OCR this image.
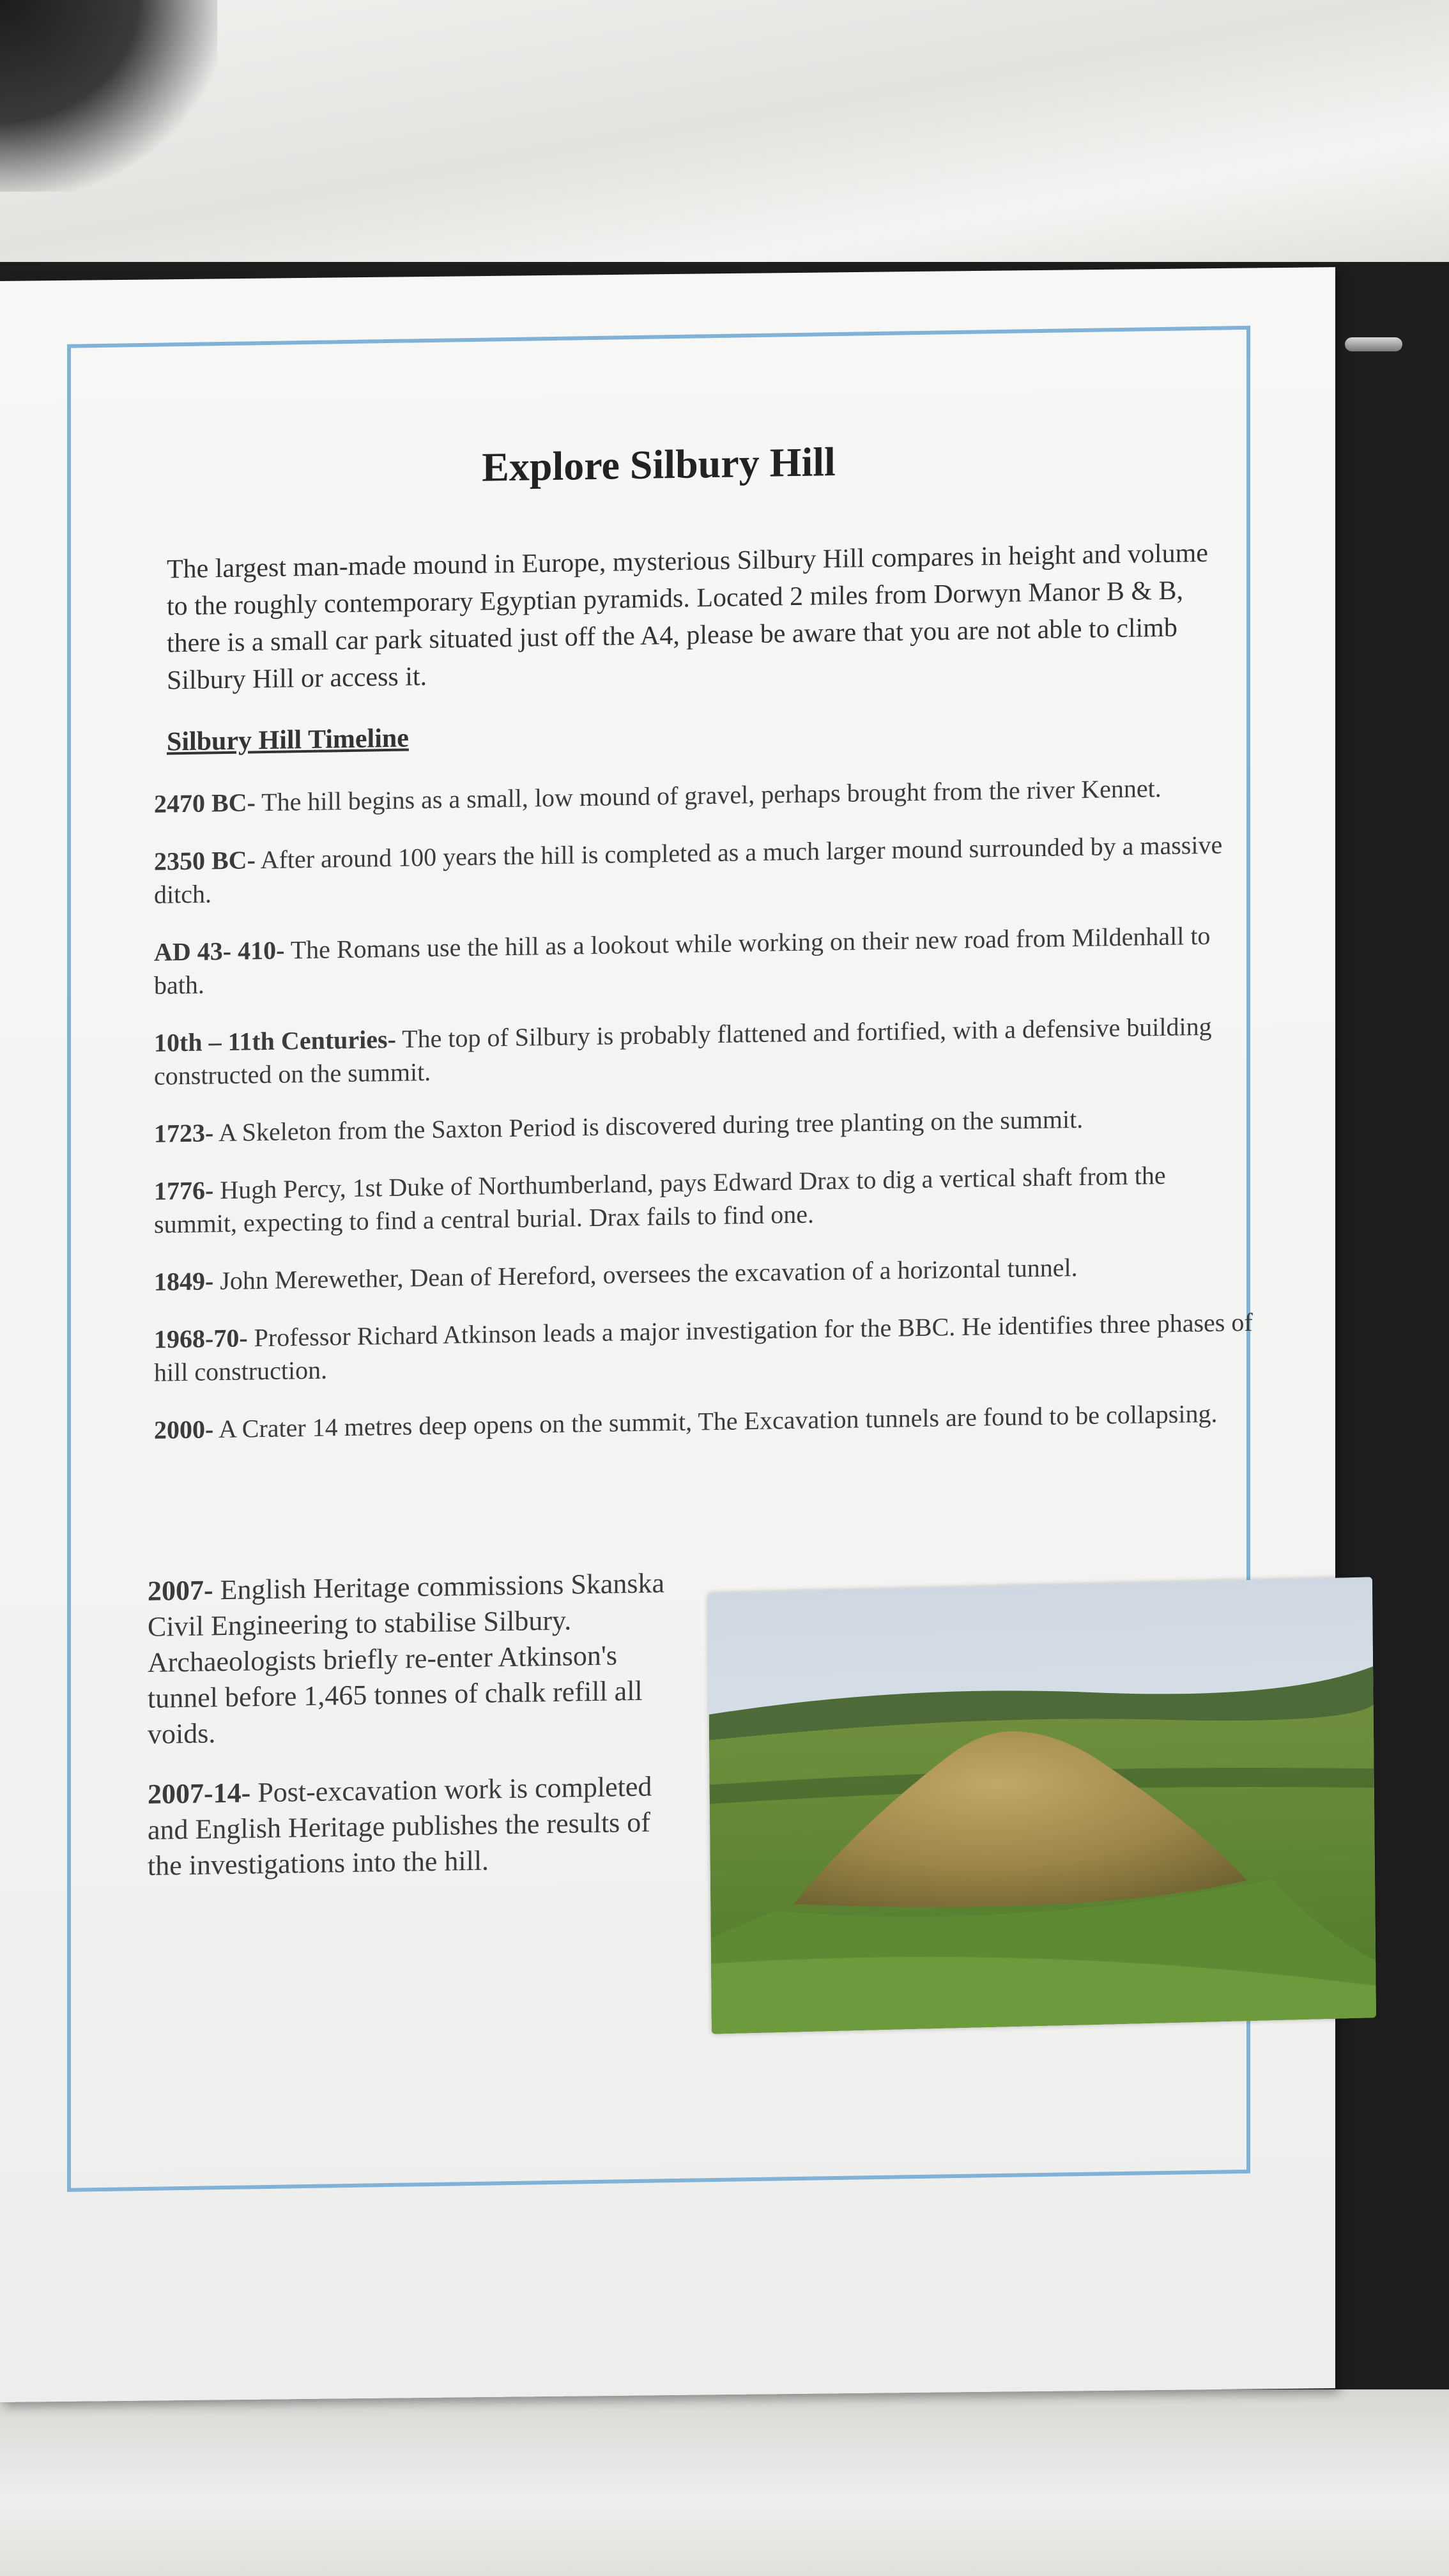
Explore Silbury Hill

The largest man-made mound in Europe, mysterious Silbury Hill compares in height and volume to the roughly contemporary Egyptian pyramids. Located 2 miles from Dorwyn Manor B & B, there is a small car park situated just off the A4, please be aware that you are not able to climb Silbury Hill or access it.

Silbury Hill Timeline

2470 BC- The hill begins as a small, low mound of gravel, perhaps brought from the river Kennet.

2350 BC- After around 100 years the hill is completed as a much larger mound surrounded by a massive ditch.

AD 43- 410- The Romans use the hill as a lookout while working on their new road from Mildenhall to bath.

10th – 11th Centuries- The top of Silbury is probably flattened and fortified, with a defensive building constructed on the summit.

1723- A Skeleton from the Saxton Period is discovered during tree planting on the summit.

1776- Hugh Percy, 1st Duke of Northumberland, pays Edward Drax to dig a vertical shaft from the summit, expecting to find a central burial. Drax fails to find one.

1849- John Merewether, Dean of Hereford, oversees the excavation of a horizontal tunnel.

1968-70- Professor Richard Atkinson leads a major investigation for the BBC. He identifies three phases of hill construction.

2000- A Crater 14 metres deep opens on the summit, The Excavation tunnels are found to be collapsing.

2007- English Heritage commissions Skanska Civil Engineering to stabilise Silbury. Archaeologists briefly re-enter Atkinson's tunnel before 1,465 tonnes of chalk refill all voids.

2007-14- Post-excavation work is completed and English Heritage publishes the results of the investigations into the hill.
